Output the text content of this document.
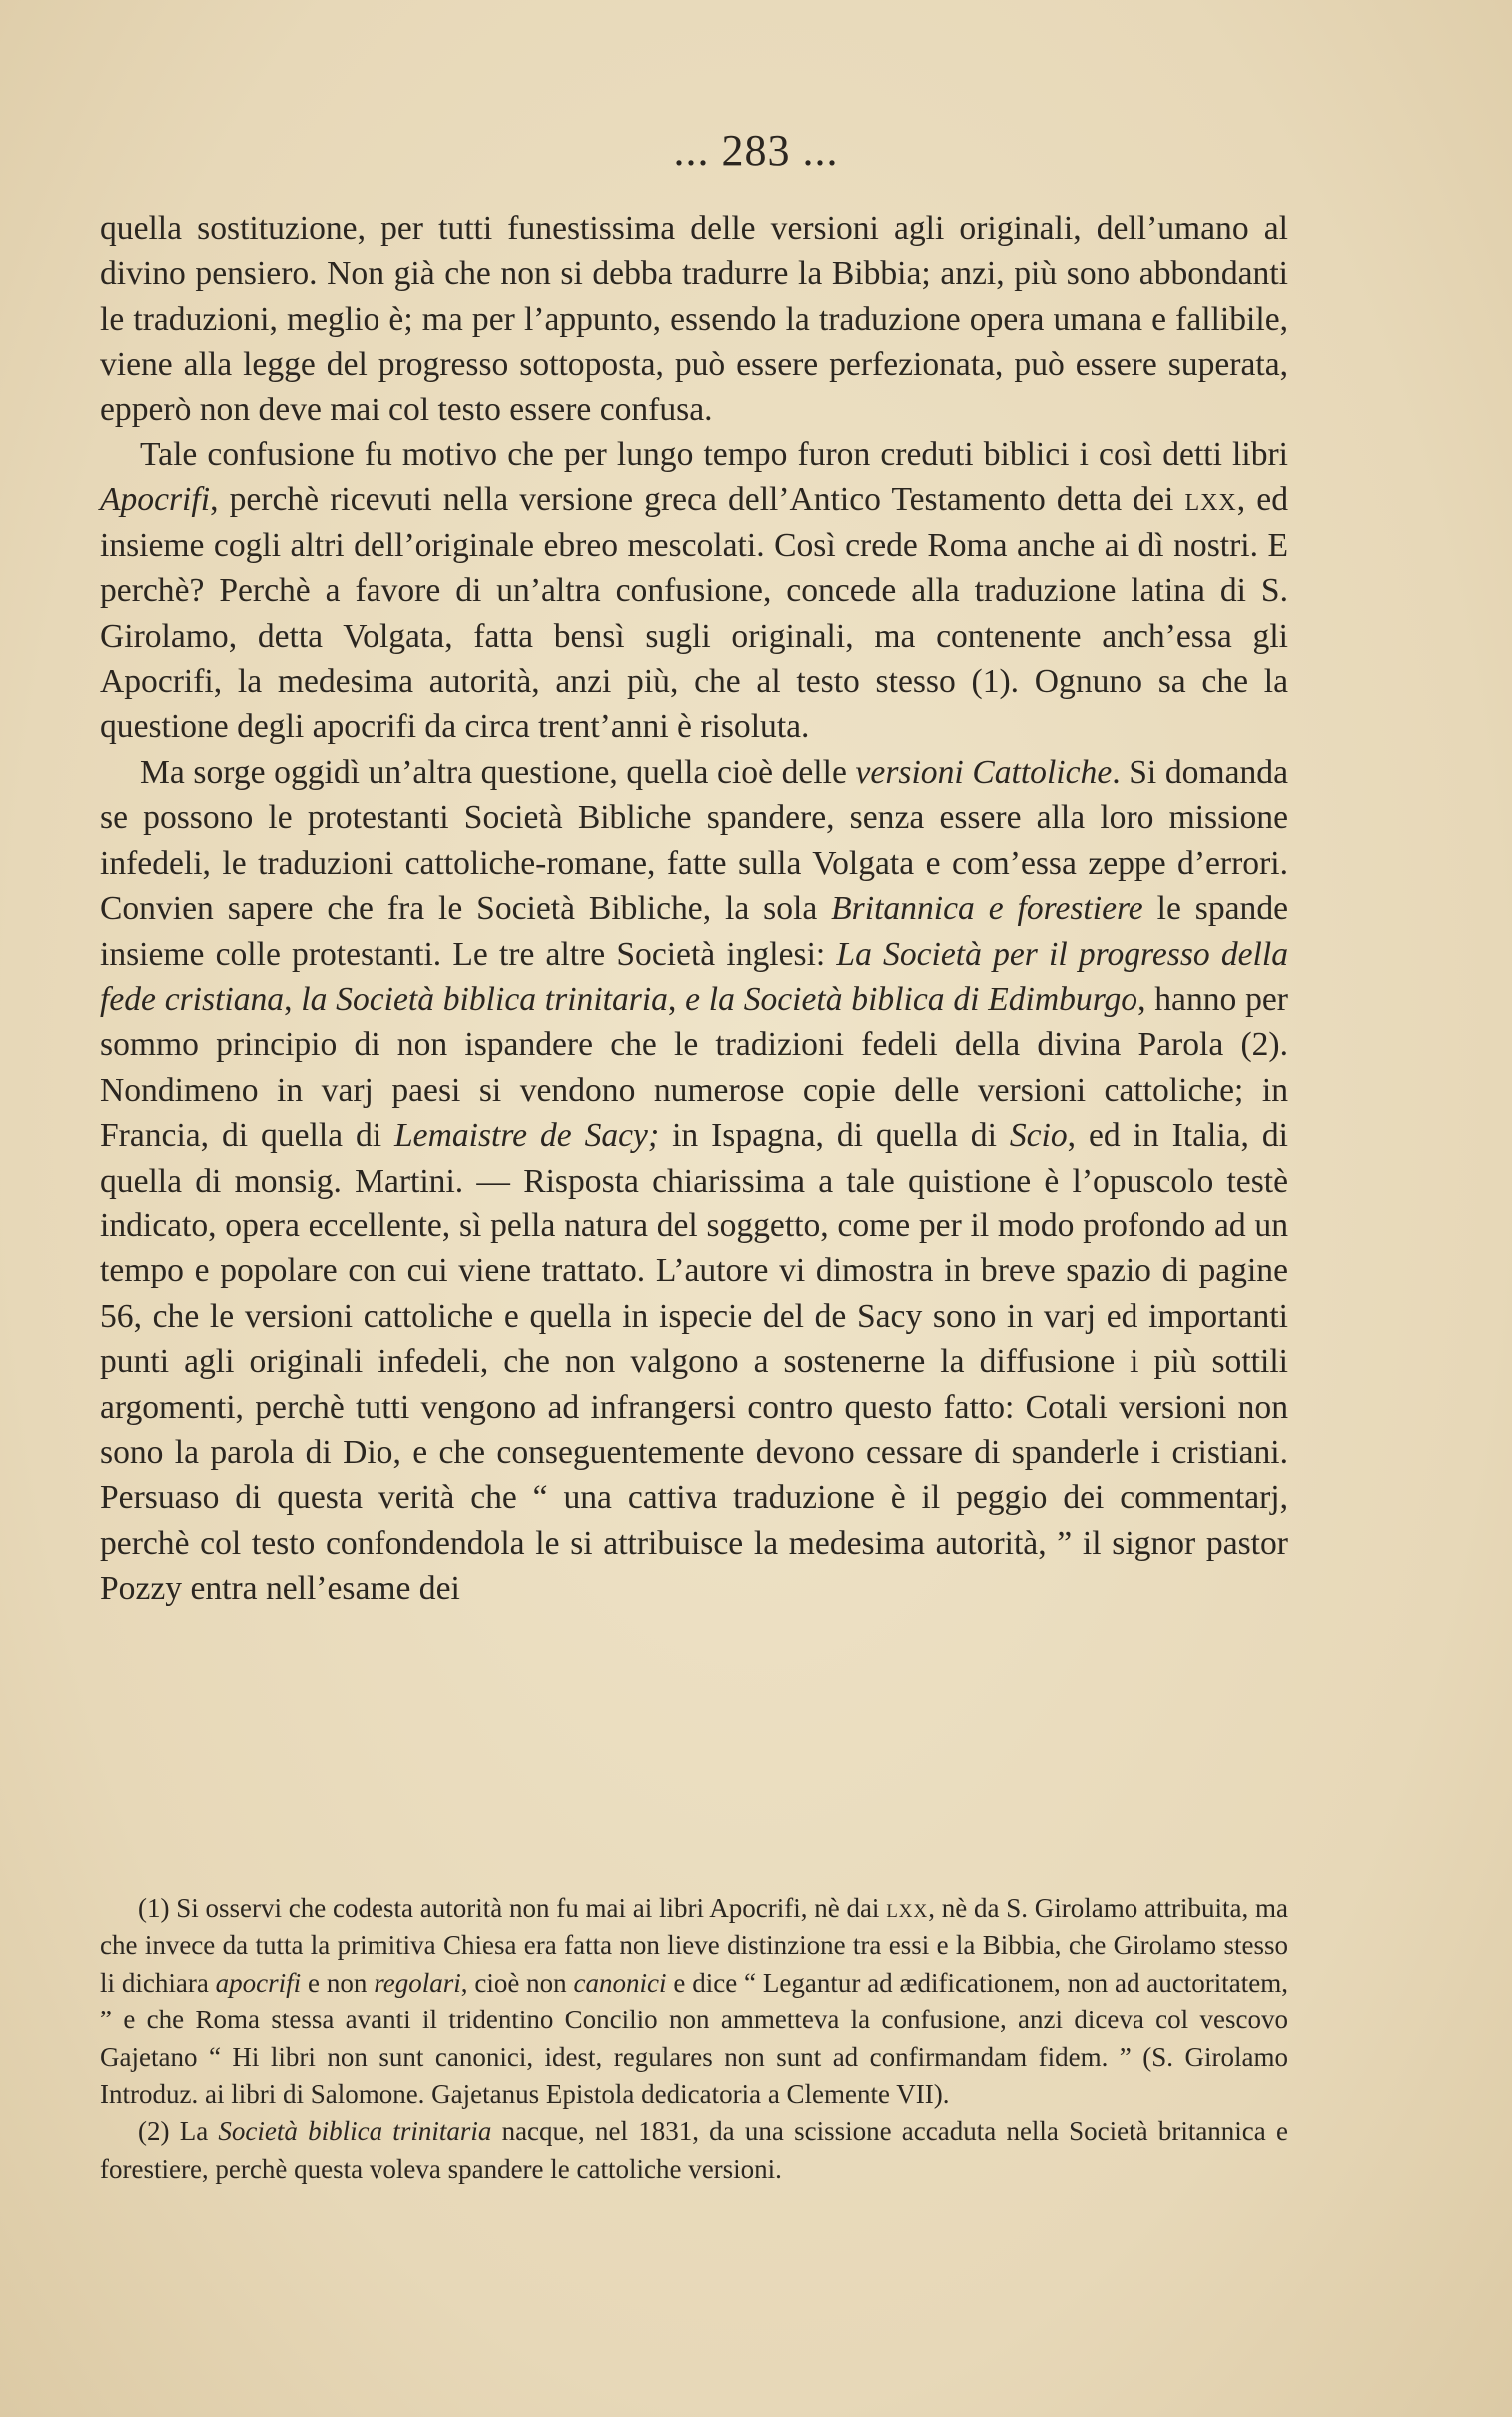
... 283 ...

quella sostituzione, per tutti funestissima delle versioni agli originali, dell’umano al divino pensiero. Non già che non si debba tradurre la Bibbia; anzi, più sono abbondanti le traduzioni, meglio è; ma per l’appunto, essendo la traduzione opera umana e fallibile, viene alla legge del progresso sottoposta, può essere perfezionata, può essere superata, epperò non deve mai col testo essere confusa.

Tale confusione fu motivo che per lungo tempo furon creduti biblici i così detti libri Apocrifi, perchè ricevuti nella versione greca dell’Antico Testamento detta dei lxx, ed insieme cogli altri dell’originale ebreo mescolati. Così crede Roma anche ai dì nostri. E perchè? Perchè a favore di un’altra confusione, concede alla traduzione latina di S. Girolamo, detta Volgata, fatta bensì sugli originali, ma contenente anch’essa gli Apocrifi, la medesima autorità, anzi più, che al testo stesso (1). Ognuno sa che la questione degli apocrifi da circa trent’anni è risoluta.

Ma sorge oggidì un’altra questione, quella cioè delle versioni Cattoliche. Si domanda se possono le protestanti Società Bibliche spandere, senza essere alla loro missione infedeli, le traduzioni cattoliche-romane, fatte sulla Volgata e com’essa zeppe d’errori. Convien sapere che fra le Società Bibliche, la sola Britannica e forestiere le spande insieme colle protestanti. Le tre altre Società inglesi: La Società per il progresso della fede cristiana, la Società biblica trinitaria, e la Società biblica di Edimburgo, hanno per sommo principio di non ispandere che le tradizioni fedeli della divina Parola (2). Nondimeno in varj paesi si vendono numerose copie delle versioni cattoliche; in Francia, di quella di Lemaistre de Sacy; in Ispagna, di quella di Scio, ed in Italia, di quella di monsig. Martini. — Risposta chiarissima a tale quistione è l’opuscolo testè indicato, opera eccellente, sì pella natura del soggetto, come per il modo profondo ad un tempo e popolare con cui viene trattato. L’autore vi dimostra in breve spazio di pagine 56, che le versioni cattoliche e quella in ispecie del de Sacy sono in varj ed importanti punti agli originali infedeli, che non valgono a sostenerne la diffusione i più sottili argomenti, perchè tutti vengono ad infrangersi contro questo fatto: Cotali versioni non sono la parola di Dio, e che conseguentemente devono cessare di spanderle i cristiani. Persuaso di questa verità che “ una cattiva traduzione è il peggio dei commentarj, perchè col testo confondendola le si attribuisce la medesima autorità, ” il signor pastor Pozzy entra nell’esame dei

(1) Si osservi che codesta autorità non fu mai ai libri Apocrifi, nè dai lxx, nè da S. Girolamo attribuita, ma che invece da tutta la primitiva Chiesa era fatta non lieve distinzione tra essi e la Bibbia, che Girolamo stesso li dichiara apocrifi e non regolari, cioè non canonici e dice “ Legantur ad ædificationem, non ad auctoritatem, ” e che Roma stessa avanti il tridentino Concilio non ammetteva la confusione, anzi diceva col vescovo Gajetano “ Hi libri non sunt canonici, idest, regulares non sunt ad confirmandam fidem. ” (S. Girolamo Introduz. ai libri di Salomone. Gajetanus Epistola dedicatoria a Clemente VII).

(2) La Società biblica trinitaria nacque, nel 1831, da una scissione accaduta nella Società britannica e forestiere, perchè questa voleva spandere le cattoliche versioni.
